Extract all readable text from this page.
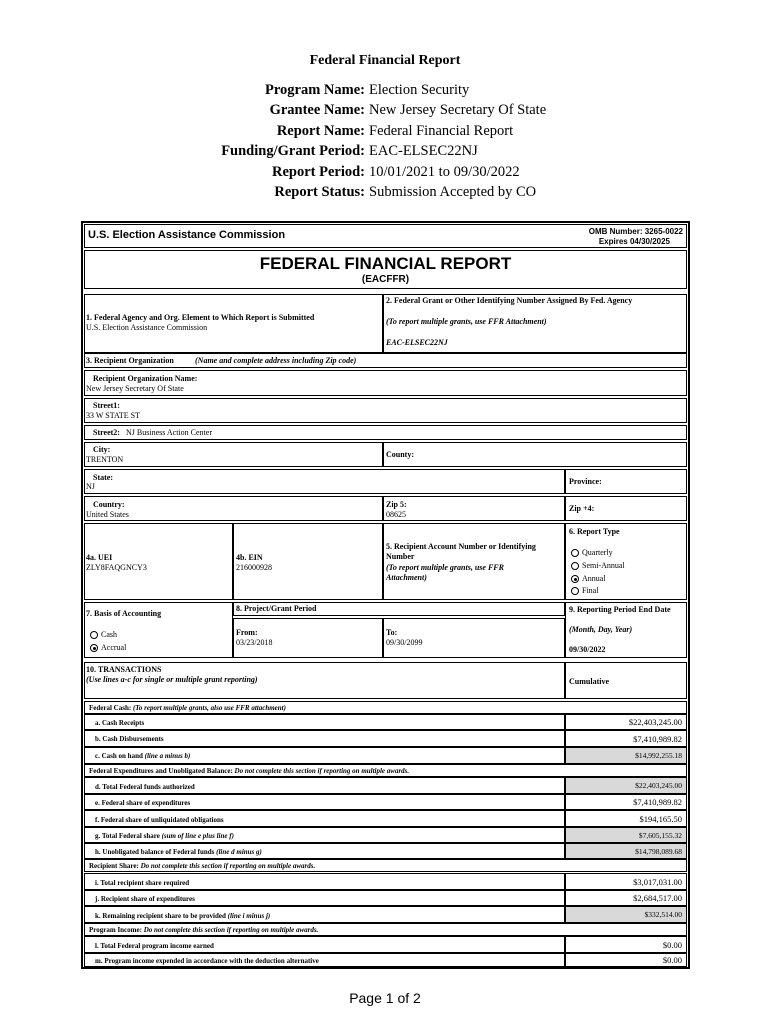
Federal Financial Report
Program Name: Election Security
Grantee Name: New Jersey Secretary Of State
Report Name: Federal Financial Report
Funding/Grant Period: EAC-ELSEC22NJ
Report Period: 10/01/2021 to 09/30/2022
Report Status: Submission Accepted by CO
U.S. Election Assistance Commission	OMB Number: 3265-0022
Expires 04/30/2025
FEDERAL FINANCIAL REPORT
(EACFFR)
1. Federal Agency and Org. Element to Which Report is Submitted
U.S. Election Assistance Commission
2. Federal Grant or Other Identifying Number Assigned By Fed. Agency
(To report multiple grants, use FFR Attachment)
EAC-ELSEC22NJ
3. Recipient Organization	(Name and complete address including Zip code)
Recipient Organization Name:
New Jersey Secretary Of State
Street1:
33 W STATE ST
Street2: NJ Business Action Center
City:
TRENTON
County:
State:
NJ
Province:
Country:
United States
Zip 5:
08625
Zip +4:
4a. UEI
ZLY8FAQGNCY3
4b. EIN
216000928
5. Recipient Account Number or Identifying Number
(To report multiple grants, use FFR Attachment)
6. Report Type
Quarterly
Semi-Annual
Annual
Final
7. Basis of Accounting
Cash
Accrual
8. Project/Grant Period
From:
03/23/2018
To:
09/30/2099
9. Reporting Period End Date
(Month, Day, Year)
09/30/2022
10. TRANSACTIONS
(Use lines a-c for single or multiple grant reporting)	Cumulative
Federal Cash: (To report multiple grants, also use FFR attachment)
a. Cash Receipts	$22,403,245.00
b. Cash Disbursements	$7,410,989.82
c. Cash on hand (line a minus b)	$14,992,255.18
Federal Expenditures and Unobligated Balance: Do not complete this section if reporting on multiple awards.
d. Total Federal funds authorized	$22,403,245.00
e. Federal share of expenditures	$7,410,989.82
f. Federal share of unliquidated obligations	$194,165.50
g. Total Federal share (sum of line e plus line f)	$7,605,155.32
h. Unobligated balance of Federal funds (line d minus g)	$14,798,089.68
Recipient Share: Do not complete this section if reporting on multiple awards.
i. Total recipient share required	$3,017,031.00
j. Recipient share of expenditures	$2,684,517.00
k. Remaining recipient share to be provided (line i minus j)	$332,514.00
Program Income: Do not complete this section if reporting on multiple awards.
l. Total Federal program income earned	$0.00
m. Program income expended in accordance with the deduction alternative	$0.00
Page 1 of 2
